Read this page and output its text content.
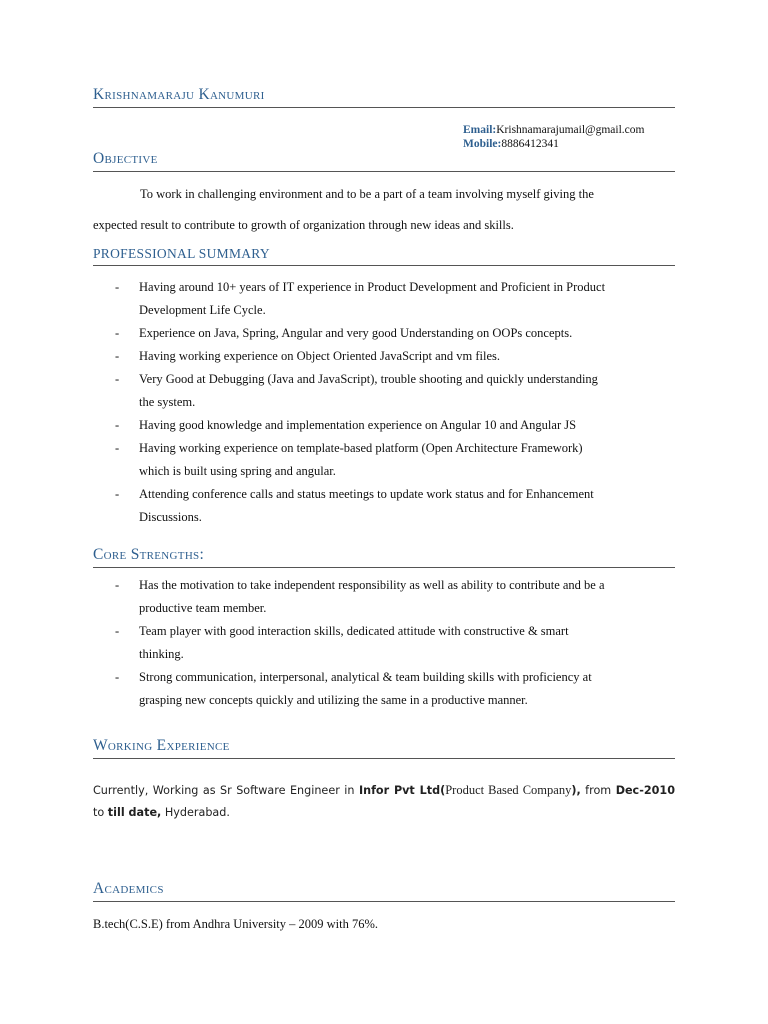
Krishnamaraju Kanumuri
Email:Krishnamarajumail@gmail.com
Mobile:8886412341
Objective
To work in challenging environment and to be a part of a team involving myself giving the
expected result to contribute to growth of organization through new ideas and skills.
PROFESSIONAL SUMMARY
- Having around 10+ years of IT experience in Product Development and Proficient in Product
Development Life Cycle.
- Experience on Java, Spring, Angular and very good Understanding on OOPs concepts.
- Having working experience on Object Oriented JavaScript and vm files.
- Very Good at Debugging (Java and JavaScript), trouble shooting and quickly understanding
the system.
- Having good knowledge and implementation experience on Angular 10 and Angular JS
- Having working experience on template-based platform (Open Architecture Framework)
which is built using spring and angular.
- Attending conference calls and status meetings to update work status and for Enhancement
Discussions.
Core Strengths:
- Has the motivation to take independent responsibility as well as ability to contribute and be a
productive team member.
- Team player with good interaction skills, dedicated attitude with constructive & smart
thinking.
- Strong communication, interpersonal, analytical & team building skills with proficiency at
grasping new concepts quickly and utilizing the same in a productive manner.
Working Experience
Currently, Working as Sr Software Engineer in Infor Pvt Ltd(Product Based Company), from Dec-2010 to till date, Hyderabad.
Academics
B.tech(C.S.E) from Andhra University – 2009 with 76%.
